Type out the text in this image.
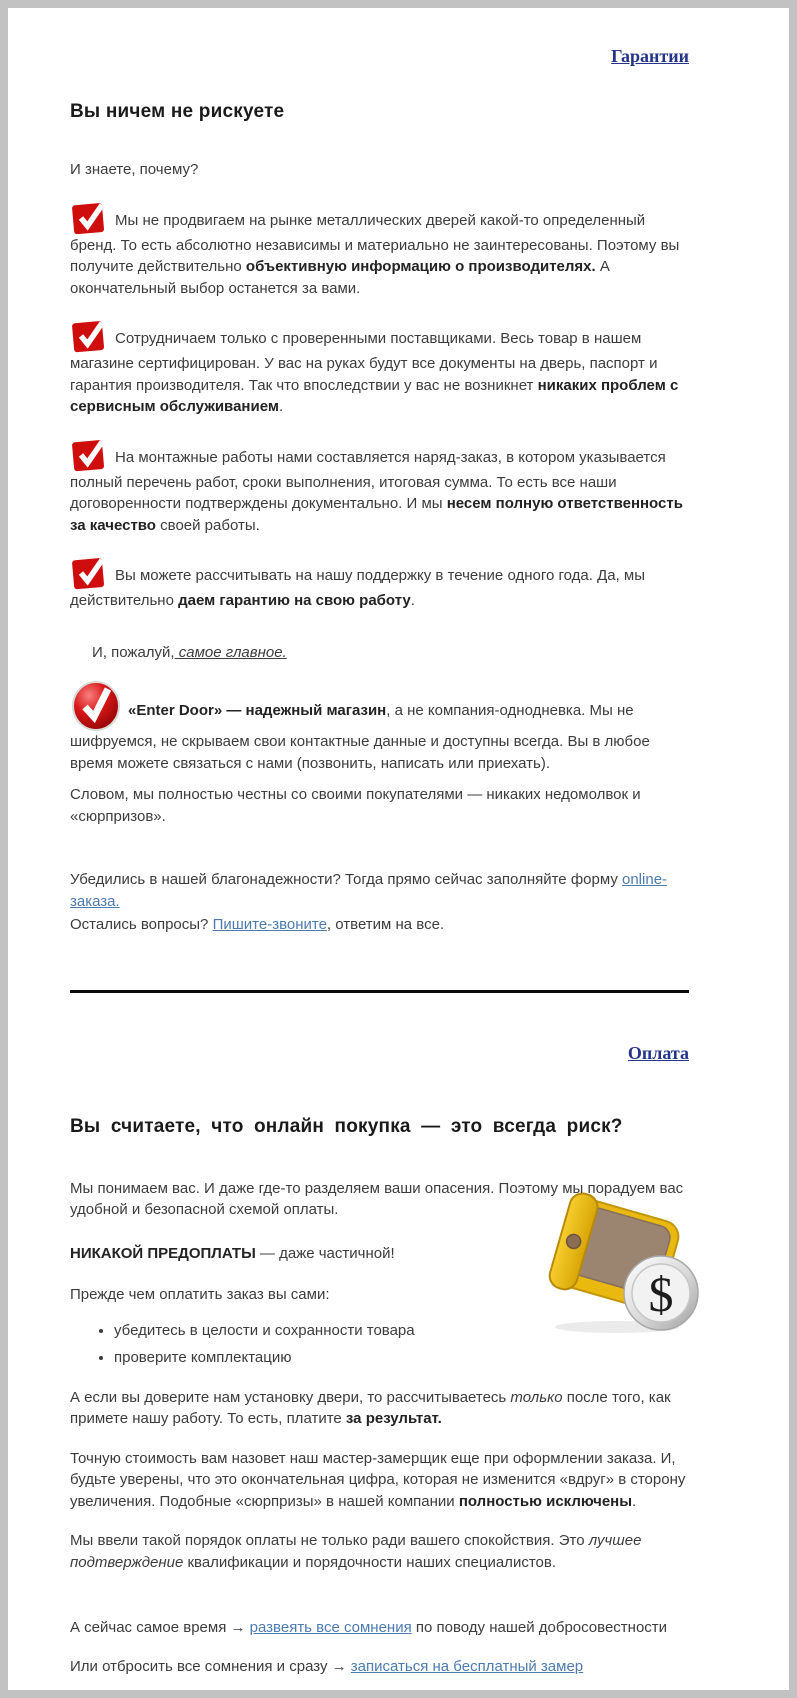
Гарантии
Вы ничем не рискуете

И знаете, почему?

Мы не продвигаем на рынке металлических дверей какой-то определенный бренд. То есть абсолютно независимы и материально не заинтересованы. Поэтому вы получите действительно объективную информацию о производителях. А окончательный выбор останется за вами.

Сотрудничаем только с проверенными поставщиками. Весь товар в нашем магазине сертифицирован. У вас на руках будут все документы на дверь, паспорт и гарантия производителя. Так что впоследствии у вас не возникнет никаких проблем с сервисным обслуживанием.

На монтажные работы нами составляется наряд-заказ, в котором указывается полный перечень работ, сроки выполнения, итоговая сумма. То есть все наши договоренности подтверждены документально. И мы несем полную ответственность за качество своей работы.

Вы можете рассчитывать на нашу поддержку в течение одного года. Да, мы действительно даем гарантию на свою работу.

И, пожалуй, самое главное.

«Enter Door» — надежный магазин, а не компания-однодневка. Мы не шифруемся, не скрываем свои контактные данные и доступны всегда. Вы в любое время можете связаться с нами (позвонить, написать или приехать).

Словом, мы полностью честны со своими покупателями — никаких недомолвок и «сюрпризов».

Убедились в нашей благонадежности? Тогда прямо сейчас заполняйте форму online-заказа.

Остались вопросы? Пишите-звоните, ответим на все.

Оплата
Вы считаете, что онлайн покупка — это всегда риск?

Мы понимаем вас. И даже где-то разделяем ваши опасения. Поэтому мы порадуем вас удобной и безопасной схемой оплаты.

$

НИКАКОЙ ПРЕДОПЛАТЫ — даже частичной!

Прежде чем оплатить заказ вы сами:

• убедитесь в целости и сохранности товара
• проверите комплектацию

А если вы доверите нам установку двери, то рассчитываетесь только после того, как примете нашу работу. То есть, платите за результат.

Точную стоимость вам назовет наш мастер-замерщик еще при оформлении заказа. И, будьте уверены, что это окончательная цифра, которая не изменится «вдруг» в сторону увеличения. Подобные «сюрпризы» в нашей компании полностью исключены.

Мы ввели такой порядок оплаты не только ради вашего спокойствия. Это лучшее подтверждение квалификации и порядочности наших специалистов.

А сейчас самое время → развеять все сомнения по поводу нашей добросовестности

Или отбросить все сомнения и сразу → записаться на бесплатный замер
